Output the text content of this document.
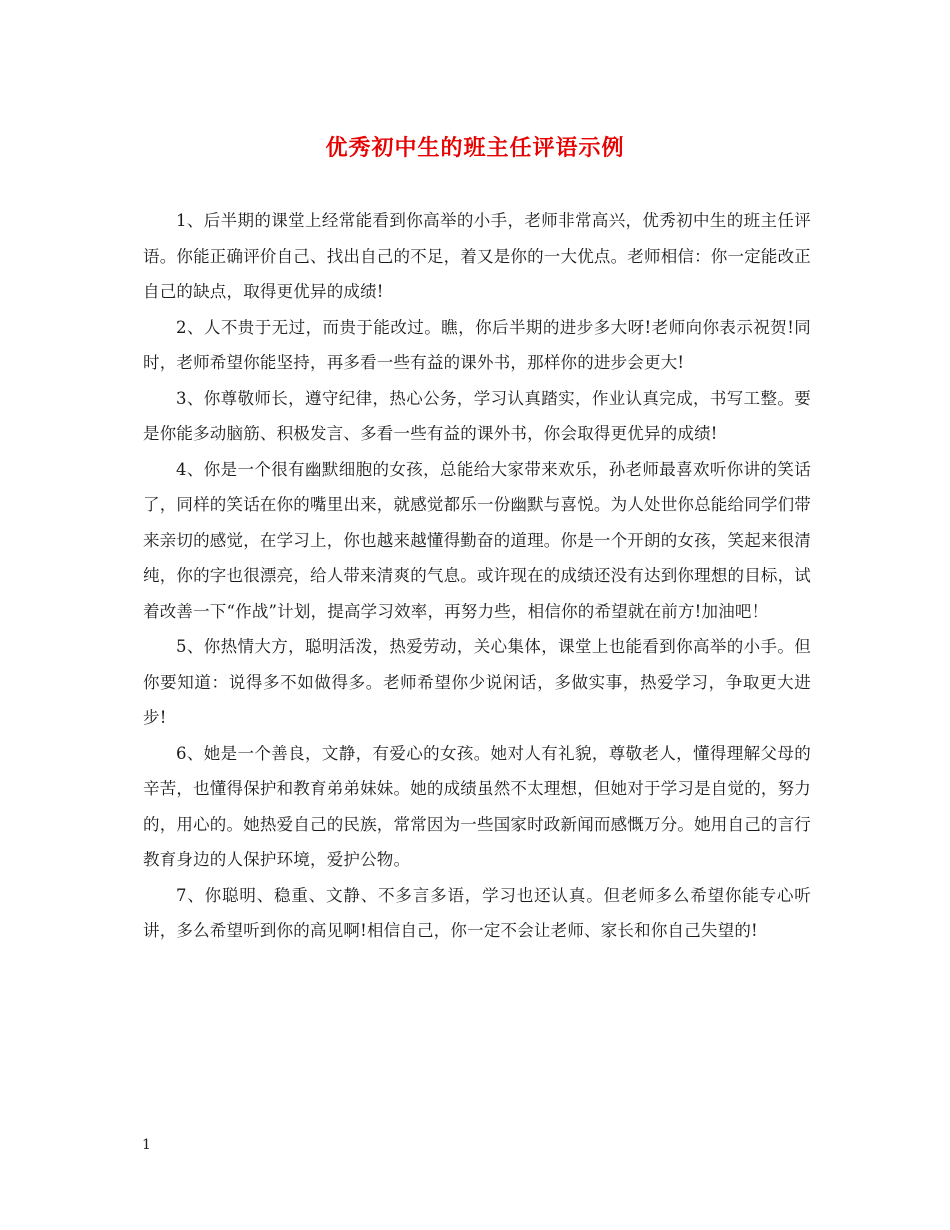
优秀初中生的班主任评语示例

1、后半期的课堂上经常能看到你高举的小手，老师非常高兴，优秀初中生的班主任评语。你能正确评价自己、找出自己的不足，着又是你的一大优点。老师相信：你一定能改正自己的缺点，取得更优异的成绩!

2、人不贵于无过，而贵于能改过。瞧，你后半期的进步多大呀!老师向你表示祝贺!同时，老师希望你能坚持，再多看一些有益的课外书，那样你的进步会更大!

3、你尊敬师长，遵守纪律，热心公务，学习认真踏实，作业认真完成，书写工整。要是你能多动脑筋、积极发言、多看一些有益的课外书，你会取得更优异的成绩!

4、你是一个很有幽默细胞的女孩，总能给大家带来欢乐，孙老师最喜欢听你讲的笑话了，同样的笑话在你的嘴里出来，就感觉都乐一份幽默与喜悦。为人处世你总能给同学们带来亲切的感觉，在学习上，你也越来越懂得勤奋的道理。你是一个开朗的女孩，笑起来很清纯，你的字也很漂亮，给人带来清爽的气息。或许现在的成绩还没有达到你理想的目标，试着改善一下“作战”计划，提高学习效率，再努力些，相信你的希望就在前方!加油吧！

5、你热情大方，聪明活泼，热爱劳动，关心集体，课堂上也能看到你高举的小手。但你要知道：说得多不如做得多。老师希望你少说闲话，多做实事，热爱学习，争取更大进步!

6、她是一个善良，文静，有爱心的女孩。她对人有礼貌，尊敬老人，懂得理解父母的辛苦，也懂得保护和教育弟弟妹妹。她的成绩虽然不太理想，但她对于学习是自觉的，努力的，用心的。她热爱自己的民族，常常因为一些国家时政新闻而感慨万分。她用自己的言行教育身边的人保护环境，爱护公物。

7、你聪明、稳重、文静、不多言多语，学习也还认真。但老师多么希望你能专心听讲，多么希望听到你的高见啊!相信自己，你一定不会让老师、家长和你自己失望的!

1
